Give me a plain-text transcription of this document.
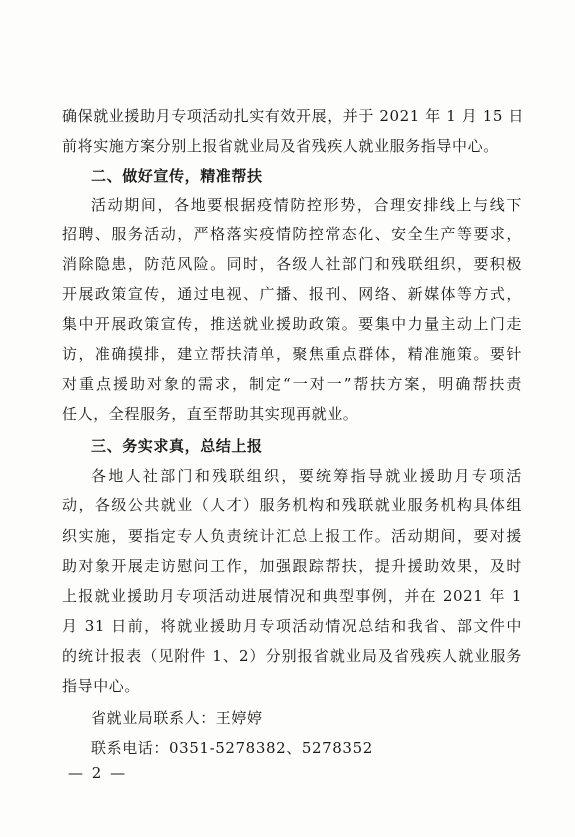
确保就业援助月专项活动扎实有效开展，并于 2021 年 1 月 15 日
前将实施方案分别上报省就业局及省残疾人就业服务指导中心。
二、做好宣传，精准帮扶
活动期间，各地要根据疫情防控形势，合理安排线上与线下
招聘、服务活动，严格落实疫情防控常态化、安全生产等要求，
消除隐患，防范风险。同时，各级人社部门和残联组织，要积极
开展政策宣传，通过电视、广播、报刊、网络、新媒体等方式，
集中开展政策宣传，推送就业援助政策。要集中力量主动上门走
访，准确摸排，建立帮扶清单，聚焦重点群体，精准施策。要针
对重点援助对象的需求，制定“一对一”帮扶方案，明确帮扶责
任人，全程服务，直至帮助其实现再就业。
三、务实求真，总结上报
各地人社部门和残联组织，要统筹指导就业援助月专项活
动，各级公共就业（人才）服务机构和残联就业服务机构具体组
织实施，要指定专人负责统计汇总上报工作。活动期间，要对援
助对象开展走访慰问工作，加强跟踪帮扶，提升援助效果，及时
上报就业援助月专项活动进展情况和典型事例，并在 2021 年 1
月 31 日前，将就业援助月专项活动情况总结和我省、部文件中
的统计报表（见附件 1、2）分别报省就业局及省残疾人就业服务
指导中心。
省就业局联系人：王婷婷
联系电话：0351-5278382、5278352
— 2 —
